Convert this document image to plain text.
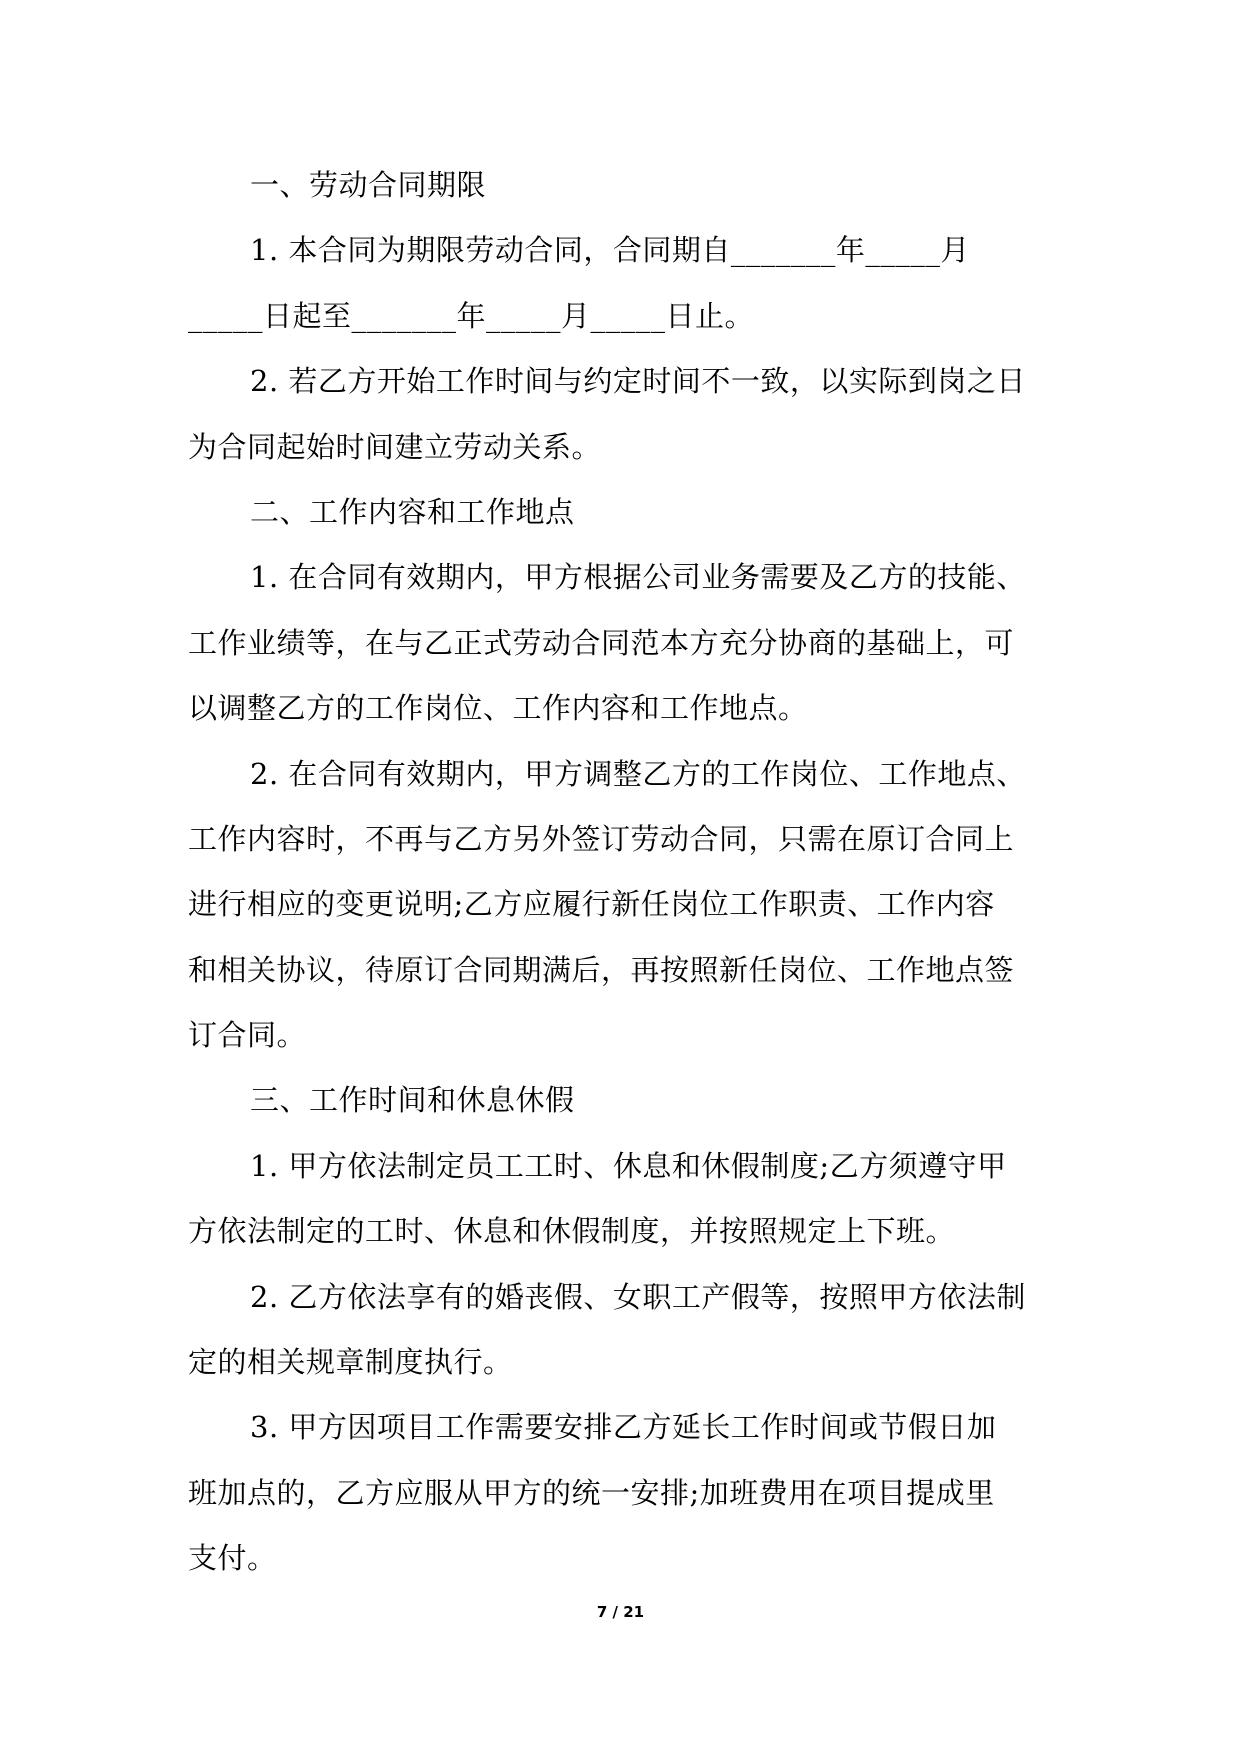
一、劳动合同期限
1. 本合同为期限劳动合同，合同期自_______年_____月
_____日起至_______年_____月_____日止。
2. 若乙方开始工作时间与约定时间不一致，以实际到岗之日
为合同起始时间建立劳动关系。
二、工作内容和工作地点
1. 在合同有效期内，甲方根据公司业务需要及乙方的技能、
工作业绩等，在与乙正式劳动合同范本方充分协商的基础上，可
以调整乙方的工作岗位、工作内容和工作地点。
2. 在合同有效期内，甲方调整乙方的工作岗位、工作地点、
工作内容时，不再与乙方另外签订劳动合同，只需在原订合同上
进行相应的变更说明;乙方应履行新任岗位工作职责、工作内容
和相关协议，待原订合同期满后，再按照新任岗位、工作地点签
订合同。
三、工作时间和休息休假
1. 甲方依法制定员工工时、休息和休假制度;乙方须遵守甲
方依法制定的工时、休息和休假制度，并按照规定上下班。
2. 乙方依法享有的婚丧假、女职工产假等，按照甲方依法制
定的相关规章制度执行。
3. 甲方因项目工作需要安排乙方延长工作时间或节假日加
班加点的，乙方应服从甲方的统一安排;加班费用在项目提成里
支付。
7 / 21
